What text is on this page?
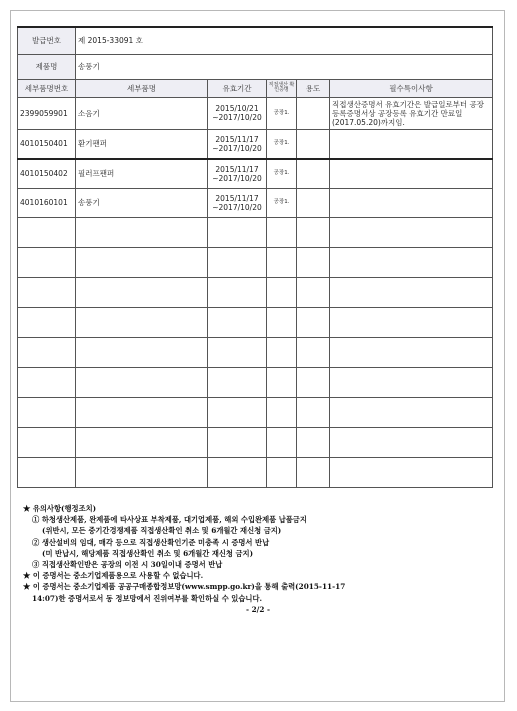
발급번호	제 2015-33091 호				
제품명	송풍기				
세부품명번호	세부품명	유효기간	직접생산 확인증명	용도	필수특이사항
2399059901	소음기	2015/10/21 ~2017/10/20	공장1.		직접생산증명서 유효기간은 발급일로부터 공장등록증명서상 공장등록 유효기간 만료일(2017.05.20)까지임.
4010150401	환기팬퍼	2015/11/17 ~2017/10/20	공장1.		
4010150402	필러프팬퍼	2015/11/17 ~2017/10/20	공장1.		
4010160101	송풍기	2015/11/17 ~2017/10/20	공장1.		

★ 유의사항(행정조치)
① 하청생산제품, 완제품에 타사상표 부착제품, 대기업제품, 해외 수입완제품 납품금지
(위반시, 모든 중기간경쟁제품 직접생산확인 취소 및 6개월간 재신청 금지)
② 생산설비의 임대, 매각 등으로 직접생산확인기준 미충족 시 증명서 반납
(미 반납시, 해당제품 직접생산확인 취소 및 6개월간 재신청 금지)
③ 직접생산확인받은 공장의 이전 시 30일이내 증명서 반납
★ 이 증명서는 중소기업제품용으로 사용할 수 없습니다.
★ 이 증명서는 중소기업제품 공공구매종합정보망(www.smpp.go.kr)을 통해 출력(2015-11-17
14:07)한 증명서로서 동 정보망에서 진위여부를 확인하실 수 있습니다.
- 2/2 -
